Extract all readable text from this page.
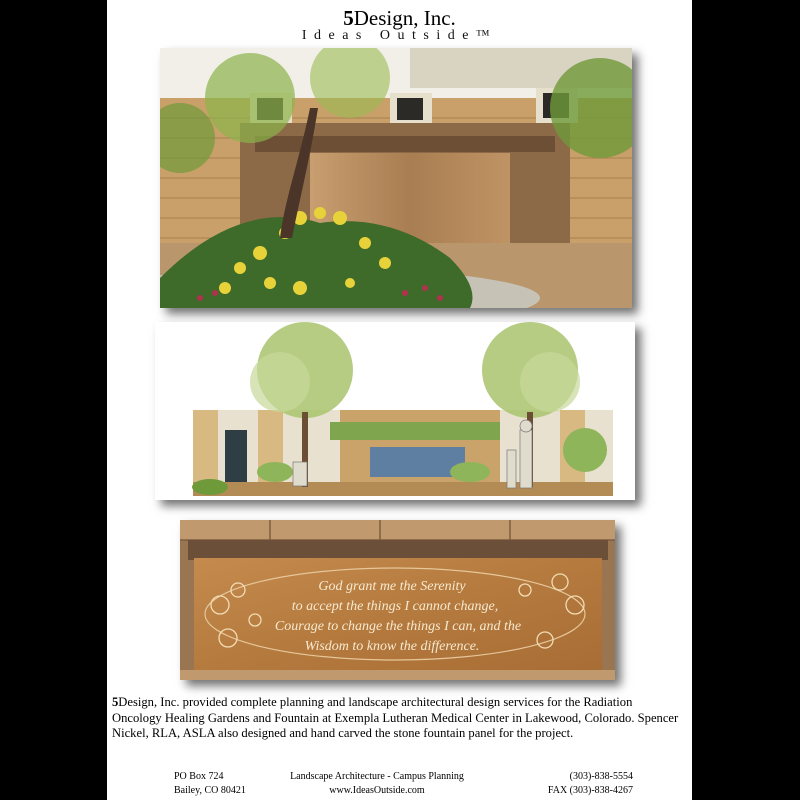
5Design, Inc.
Ideas Outside™
God grant me the Serenity
to accept the things I cannot change,
Courage to change the things I can, and the
Wisdom to know the difference.
5Design, Inc. provided complete planning and landscape architectural design services for the Radiation Oncology Healing Gardens and Fountain at Exempla Lutheran Medical Center in Lakewood, Colorado. Spencer Nickel, RLA, ASLA also designed and hand carved the stone fountain panel for the project.
PO Box 724
Bailey, CO 80421
Landscape Architecture - Campus Planning
www.IdeasOutside.com
(303)-838-5554
FAX (303)-838-4267
